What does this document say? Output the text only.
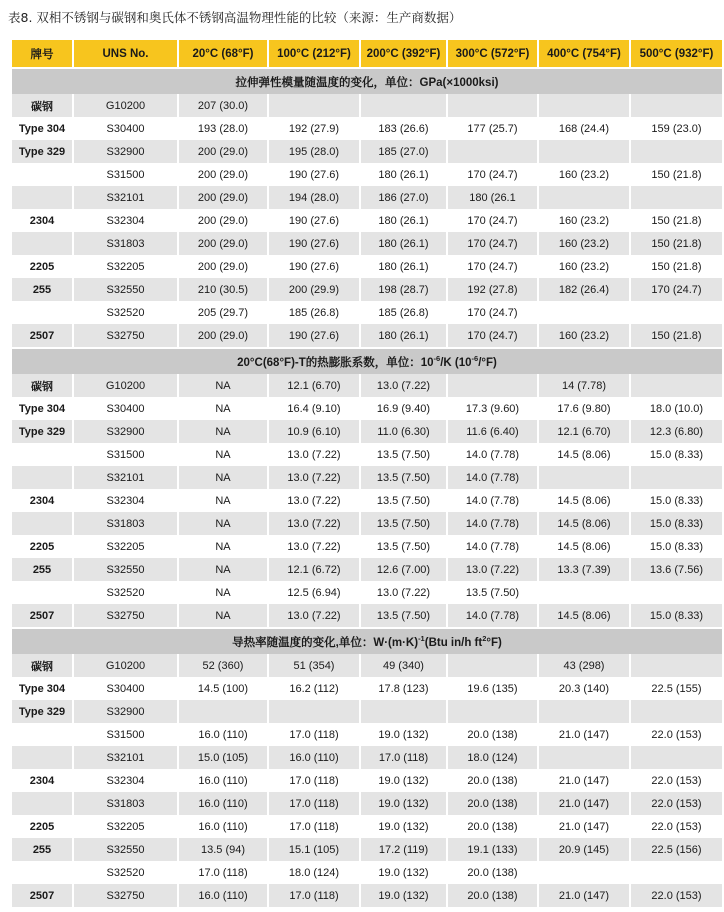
表8. 双相不锈钢与碳钢和奥氏体不锈钢高温物理性能的比较（来源：生产商数据）
牌号	UNS No.	20°C (68°F)	100°C (212°F)	200°C (392°F)	300°C (572°F)	400°C (754°F)	500°C (932°F)
拉伸弹性模量随温度的变化，单位：GPa(×1000ksi)							
碳钢	G10200	207 (30.0)					
Type 304	S30400	193 (28.0)	192 (27.9)	183 (26.6)	177 (25.7)	168 (24.4)	159 (23.0)
Type 329	S32900	200 (29.0)	195 (28.0)	185 (27.0)			
	S31500	200 (29.0)	190 (27.6)	180 (26.1)	170 (24.7)	160 (23.2)	150 (21.8)
	S32101	200 (29.0)	194 (28.0)	186 (27.0)	180 (26.1		
2304	S32304	200 (29.0)	190 (27.6)	180 (26.1)	170 (24.7)	160 (23.2)	150 (21.8)
	S31803	200 (29.0)	190 (27.6)	180 (26.1)	170 (24.7)	160 (23.2)	150 (21.8)
2205	S32205	200 (29.0)	190 (27.6)	180 (26.1)	170 (24.7)	160 (23.2)	150 (21.8)
255	S32550	210 (30.5)	200 (29.9)	198 (28.7)	192 (27.8)	182 (26.4)	170 (24.7)
	S32520	205 (29.7)	185 (26.8)	185 (26.8)	170 (24.7)		
2507	S32750	200 (29.0)	190 (27.6)	180 (26.1)	170 (24.7)	160 (23.2)	150 (21.8)
20°C(68°F)-T的热膨胀系数，单位：$10^{-6}/K$ $(10^{-6}/^\circ F)$							
碳钢	G10200	NA	12.1 (6.70)	13.0 (7.22)		14 (7.78)	
Type 304	S30400	NA	16.4 (9.10)	16.9 (9.40)	17.3 (9.60)	17.6 (9.80)	18.0 (10.0)
Type 329	S32900	NA	10.9 (6.10)	11.0 (6.30)	11.6 (6.40)	12.1 (6.70)	12.3 (6.80)
	S31500	NA	13.0 (7.22)	13.5 (7.50)	14.0 (7.78)	14.5 (8.06)	15.0 (8.33)
	S32101	NA	13.0 (7.22)	13.5 (7.50)	14.0 (7.78)		
2304	S32304	NA	13.0 (7.22)	13.5 (7.50)	14.0 (7.78)	14.5 (8.06)	15.0 (8.33)
	S31803	NA	13.0 (7.22)	13.5 (7.50)	14.0 (7.78)	14.5 (8.06)	15.0 (8.33)
2205	S32205	NA	13.0 (7.22)	13.5 (7.50)	14.0 (7.78)	14.5 (8.06)	15.0 (8.33)
255	S32550	NA	12.1 (6.72)	12.6 (7.00)	13.0 (7.22)	13.3 (7.39)	13.6 (7.56)
	S32520	NA	12.5 (6.94)	13.0 (7.22)	13.5 (7.50)		
2507	S32750	NA	13.0 (7.22)	13.5 (7.50)	14.0 (7.78)	14.5 (8.06)	15.0 (8.33)
导热率随温度的变化,单位：$W\cdot(m\cdot K)^{-1}(Btu$ in/h $ft^2^\circ F$)							
碳钢	G10200	52 (360)	51 (354)	49 (340)		43 (298)	
Type 304	S30400	14.5 (100)	16.2 (112)	17.8 (123)	19.6 (135)	20.3 (140)	22.5 (155)
Type 329	S32900						
	S31500	16.0 (110)	17.0 (118)	19.0 (132)	20.0 (138)	21.0 (147)	22.0 (153)
	S32101	15.0 (105)	16.0 (110)	17.0 (118)	18.0 (124)		
2304	S32304	16.0 (110)	17.0 (118)	19.0 (132)	20.0 (138)	21.0 (147)	22.0 (153)
	S31803	16.0 (110)	17.0 (118)	19.0 (132)	20.0 (138)	21.0 (147)	22.0 (153)
2205	S32205	16.0 (110)	17.0 (118)	19.0 (132)	20.0 (138)	21.0 (147)	22.0 (153)
255	S32550	13.5 (94)	15.1 (105)	17.2 (119)	19.1 (133)	20.9 (145)	22.5 (156)
	S32520	17.0 (118)	18.0 (124)	19.0 (132)	20.0 (138)		
2507	S32750	16.0 (110)	17.0 (118)	19.0 (132)	20.0 (138)	21.0 (147)	22.0 (153)
